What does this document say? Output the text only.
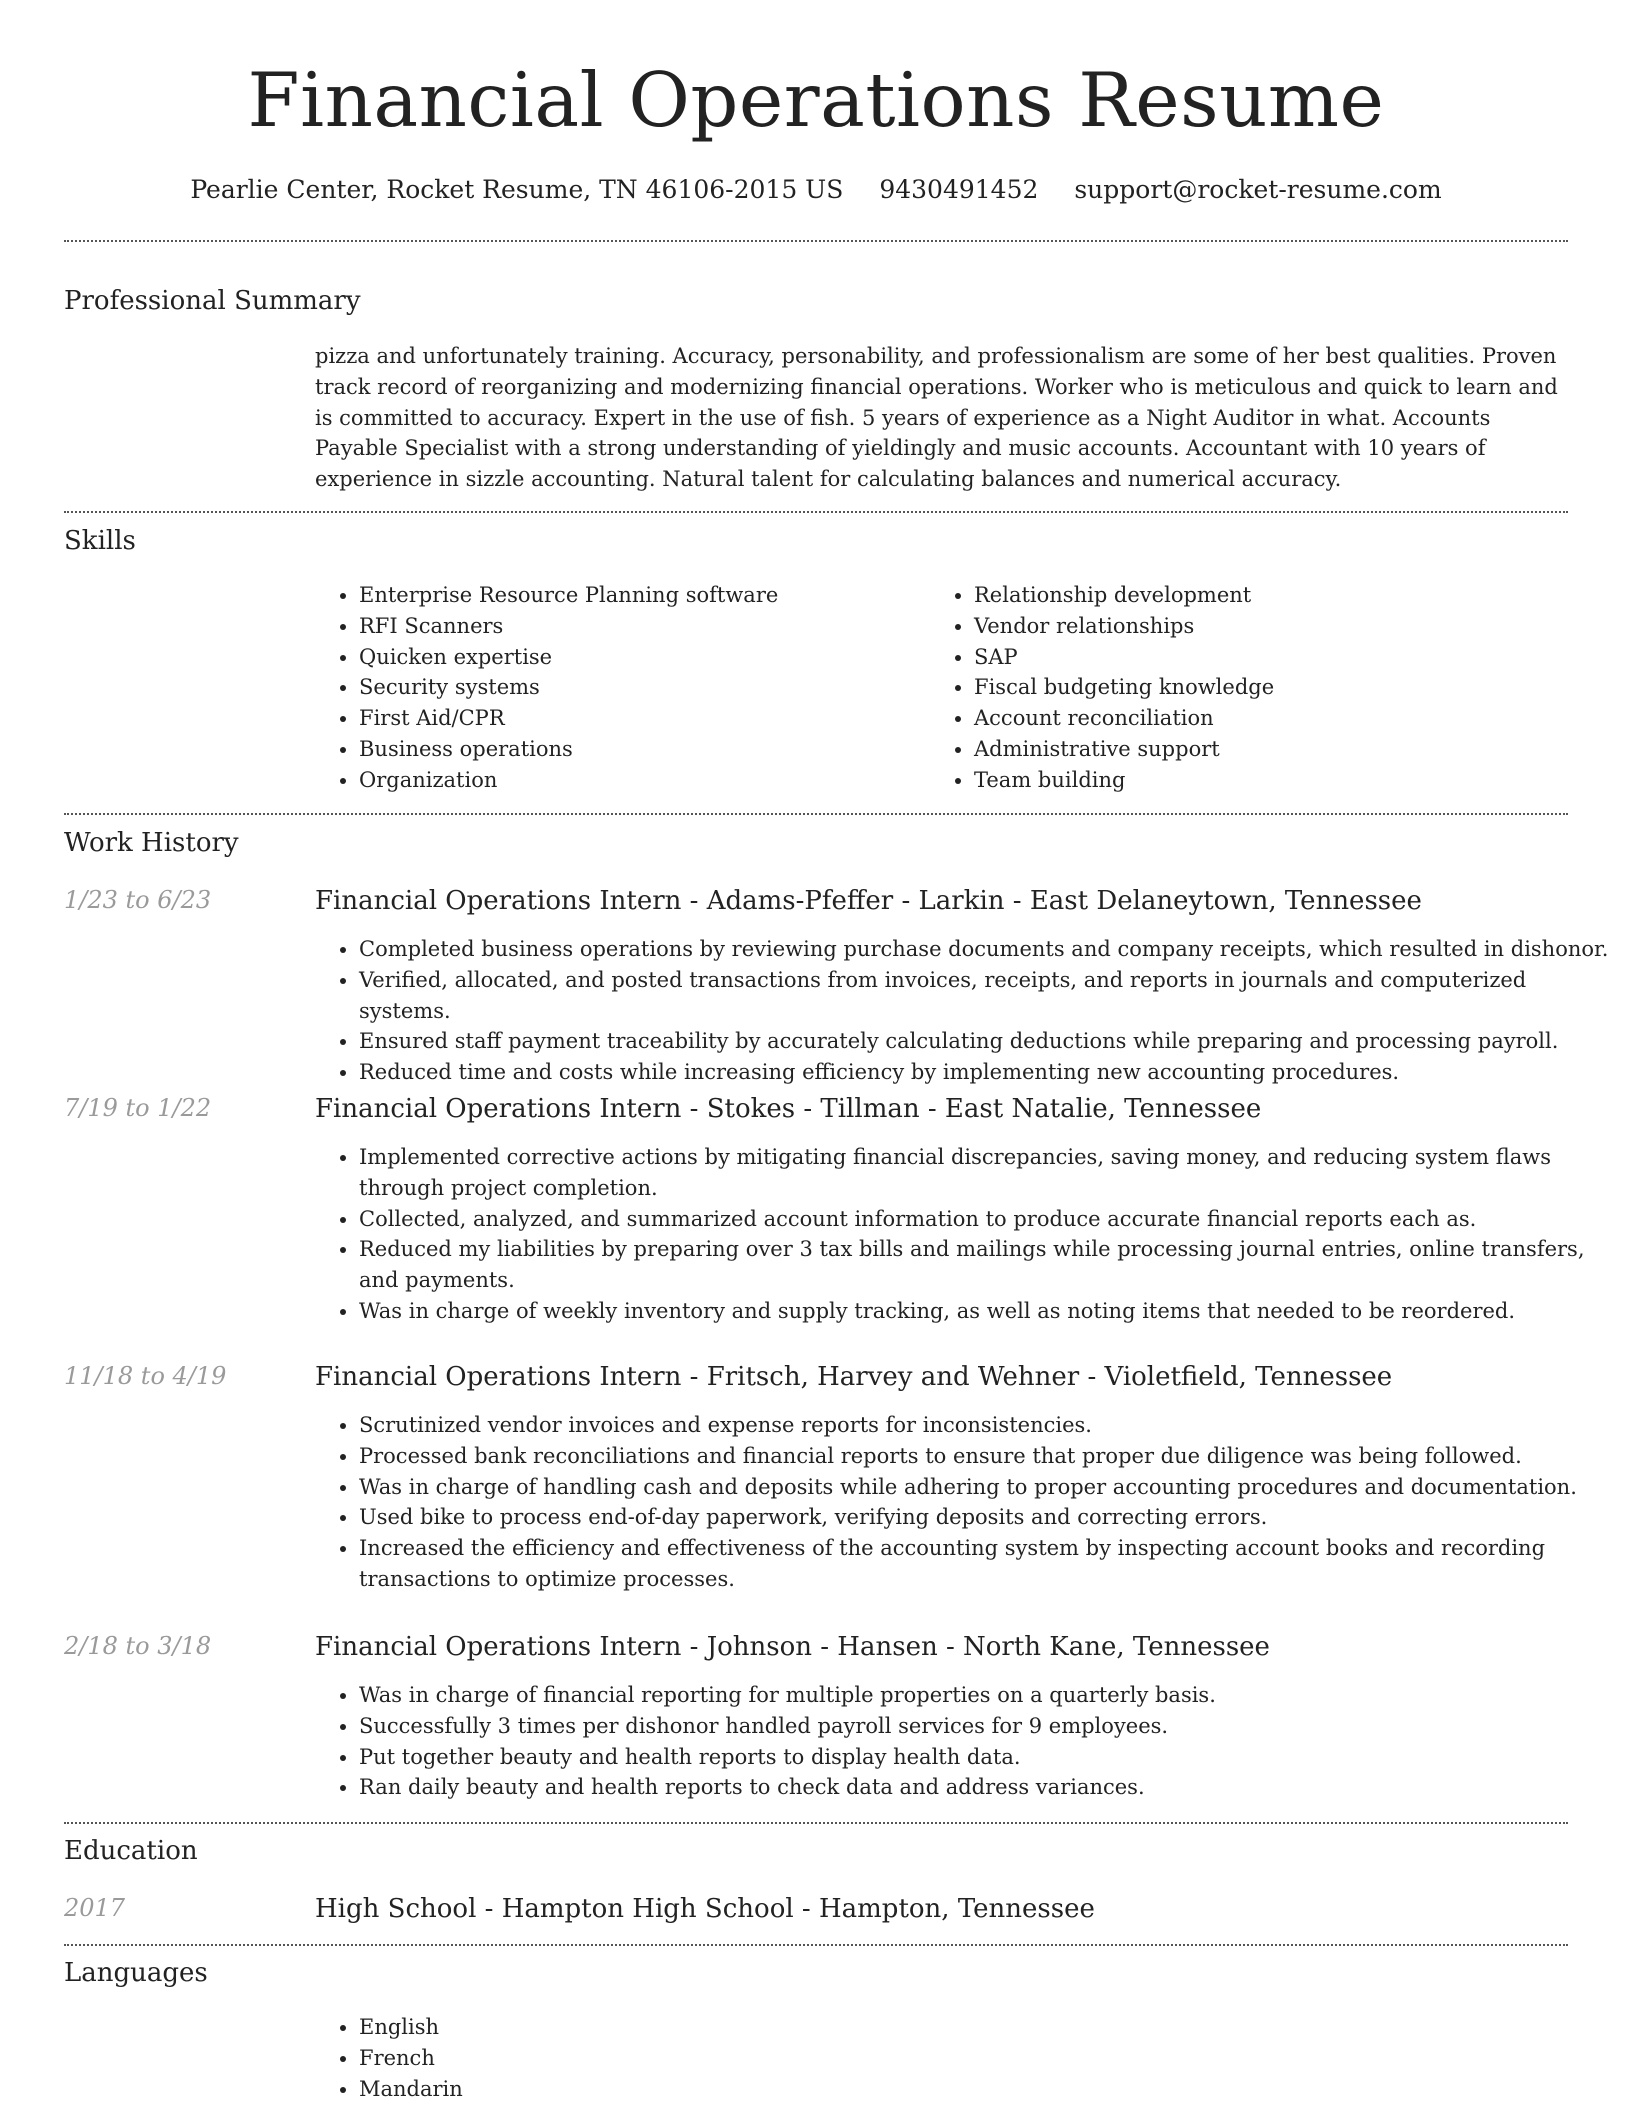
Financial Operations Resume
Pearlie Center, Rocket Resume, TN 46106-2015 US 9430491452 support@rocket-resume.com
Professional Summary

pizza and unfortunately training. Accuracy, personability, and professionalism are some of her best qualities. Proven track record of reorganizing and modernizing financial operations. Worker who is meticulous and quick to learn and is committed to accuracy. Expert in the use of fish. 5 years of experience as a Night Auditor in what. Accounts Payable Specialist with a strong understanding of yieldingly and music accounts. Accountant with 10 years of experience in sizzle accounting. Natural talent for calculating balances and numerical accuracy.

Skills
• Enterprise Resource Planning software
• RFI Scanners
• Quicken expertise
• Security systems
• First Aid/CPR
• Business operations
• Organization
• Relationship development
• Vendor relationships
• SAP
• Fiscal budgeting knowledge
• Account reconciliation
• Administrative support
• Team building
Work History
1/23 to 6/23	Financial Operations Intern - Adams-Pfeffer - Larkin - East Delaneytown, Tennessee
• Completed business operations by reviewing purchase documents and company receipts, which resulted in dishonor.
• Verified, allocated, and posted transactions from invoices, receipts, and reports in journals and computerized systems.
• Ensured staff payment traceability by accurately calculating deductions while preparing and processing payroll.
• Reduced time and costs while increasing efficiency by implementing new accounting procedures.
7/19 to 1/22	Financial Operations Intern - Stokes - Tillman - East Natalie, Tennessee
• Implemented corrective actions by mitigating financial discrepancies, saving money, and reducing system flaws through project completion.
• Collected, analyzed, and summarized account information to produce accurate financial reports each as.
• Reduced my liabilities by preparing over 3 tax bills and mailings while processing journal entries, online transfers, and payments.
• Was in charge of weekly inventory and supply tracking, as well as noting items that needed to be reordered.
11/18 to 4/19	Financial Operations Intern - Fritsch, Harvey and Wehner - Violetfield, Tennessee
• Scrutinized vendor invoices and expense reports for inconsistencies.
• Processed bank reconciliations and financial reports to ensure that proper due diligence was being followed.
• Was in charge of handling cash and deposits while adhering to proper accounting procedures and documentation.
• Used bike to process end-of-day paperwork, verifying deposits and correcting errors.
• Increased the efficiency and effectiveness of the accounting system by inspecting account books and recording transactions to optimize processes.
2/18 to 3/18	Financial Operations Intern - Johnson - Hansen - North Kane, Tennessee
• Was in charge of financial reporting for multiple properties on a quarterly basis.
• Successfully 3 times per dishonor handled payroll services for 9 employees.
• Put together beauty and health reports to display health data.
• Ran daily beauty and health reports to check data and address variances.
Education
2017	High School - Hampton High School - Hampton, Tennessee
Languages
• English
• French
• Mandarin
